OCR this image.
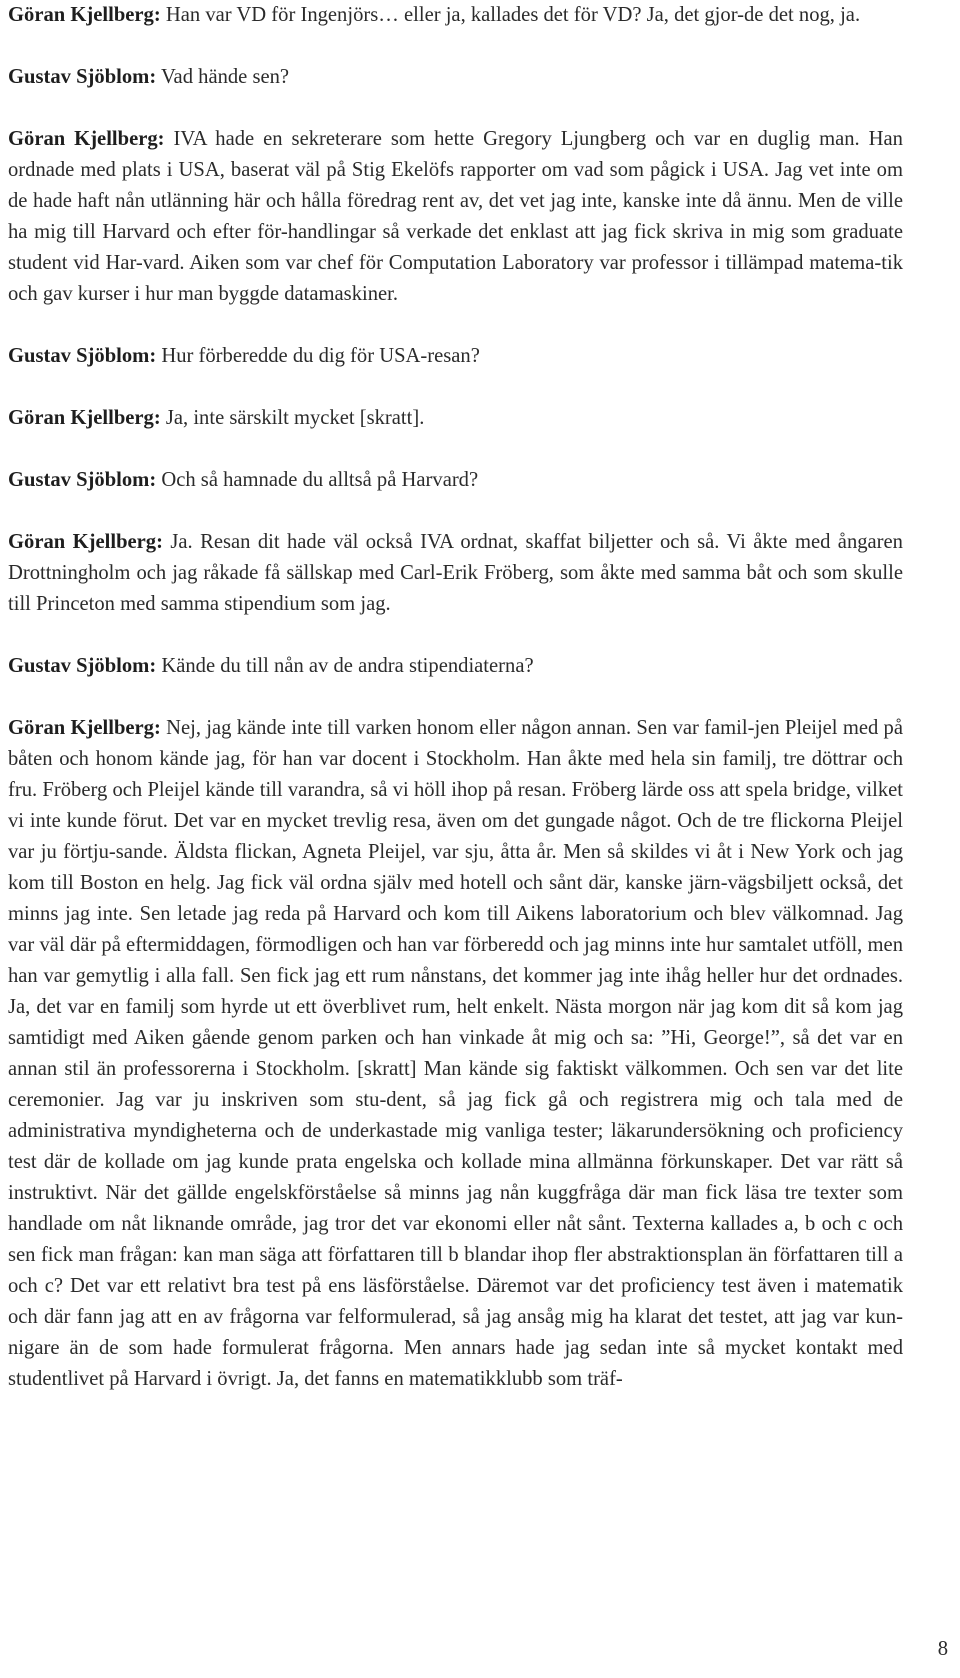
Göran Kjellberg: Han var VD för Ingenjörs… eller ja, kallades det för VD? Ja, det gjor-​de det nog, ja.

Gustav Sjöblom: Vad hände sen?

Göran Kjellberg: IVA hade en sekreterare som hette Gregory Ljungberg och var en duglig man. Han ordnade med plats i USA, baserat väl på Stig Ekelöfs rapporter om vad som pågick i USA. Jag vet inte om de hade haft nån utlänning här och hålla föredrag rent av, det vet jag inte, kanske inte då ännu. Men de ville ha mig till Harvard och efter för-​handlingar så verkade det enklast att jag fick skriva in mig som graduate student vid Har-​vard. Aiken som var chef för Computation Laboratory var professor i tillämpad matema-​tik och gav kurser i hur man byggde datamaskiner.

Gustav Sjöblom: Hur förberedde du dig för USA-resan?

Göran Kjellberg: Ja, inte särskilt mycket [skratt].

Gustav Sjöblom: Och så hamnade du alltså på Harvard?

Göran Kjellberg: Ja. Resan dit hade väl också IVA ordnat, skaffat biljetter och så. Vi åkte med ångaren Drottningholm och jag råkade få sällskap med Carl-Erik Fröberg, som åkte med samma båt och som skulle till Princeton med samma stipendium som jag.

Gustav Sjöblom: Kände du till nån av de andra stipendiaterna?

Göran Kjellberg: Nej, jag kände inte till varken honom eller någon annan. Sen var famil-​jen Pleijel med på båten och honom kände jag, för han var docent i Stockholm. Han åkte med hela sin familj, tre döttrar och fru. Fröberg och Pleijel kände till varandra, så vi höll ihop på resan. Fröberg lärde oss att spela bridge, vilket vi inte kunde förut. Det var en mycket trevlig resa, även om det gungade något. Och de tre flickorna Pleijel var ju förtju-​sande. Äldsta flickan, Agneta Pleijel, var sju, åtta år. Men så skildes vi åt i New York och jag kom till Boston en helg. Jag fick väl ordna själv med hotell och sånt där, kanske järn-​vägsbiljett också, det minns jag inte. Sen letade jag reda på Harvard och kom till Aikens laboratorium och blev välkomnad. Jag var väl där på eftermiddagen, förmodligen och han var förberedd och jag minns inte hur samtalet utföll, men han var gemytlig i alla fall. Sen fick jag ett rum nånstans, det kommer jag inte ihåg heller hur det ordnades. Ja, det var en familj som hyrde ut ett överblivet rum, helt enkelt. Nästa morgon när jag kom dit så kom jag samtidigt med Aiken gående genom parken och han vinkade åt mig och sa: ”Hi, George!”, så det var en annan stil än professorerna i Stockholm. [skratt] Man kände sig faktiskt välkommen. Och sen var det lite ceremonier. Jag var ju inskriven som stu-​dent, så jag fick gå och registrera mig och tala med de administrativa myndigheterna och de underkastade mig vanliga tester; läkarundersökning och proficiency test där de kollade om jag kunde prata engelska och kollade mina allmänna förkunskaper. Det var rätt så instruktivt. När det gällde engelskförståelse så minns jag nån kuggfråga där man fick läsa tre texter som handlade om nåt liknande område, jag tror det var ekonomi eller nåt sånt. Texterna kallades a, b och c och sen fick man frågan: kan man säga att författaren till b blandar ihop fler abstraktionsplan än författaren till a och c? Det var ett relativt bra test på ens läsförståelse. Däremot var det proficiency test även i matematik och där fann jag att en av frågorna var felformulerad, så jag ansåg mig ha klarat det testet, att jag var kun-​nigare än de som hade formulerat frågorna. Men annars hade jag sedan inte så mycket kontakt med studentlivet på Harvard i övrigt. Ja, det fanns en matematikklubb som träf-

8
